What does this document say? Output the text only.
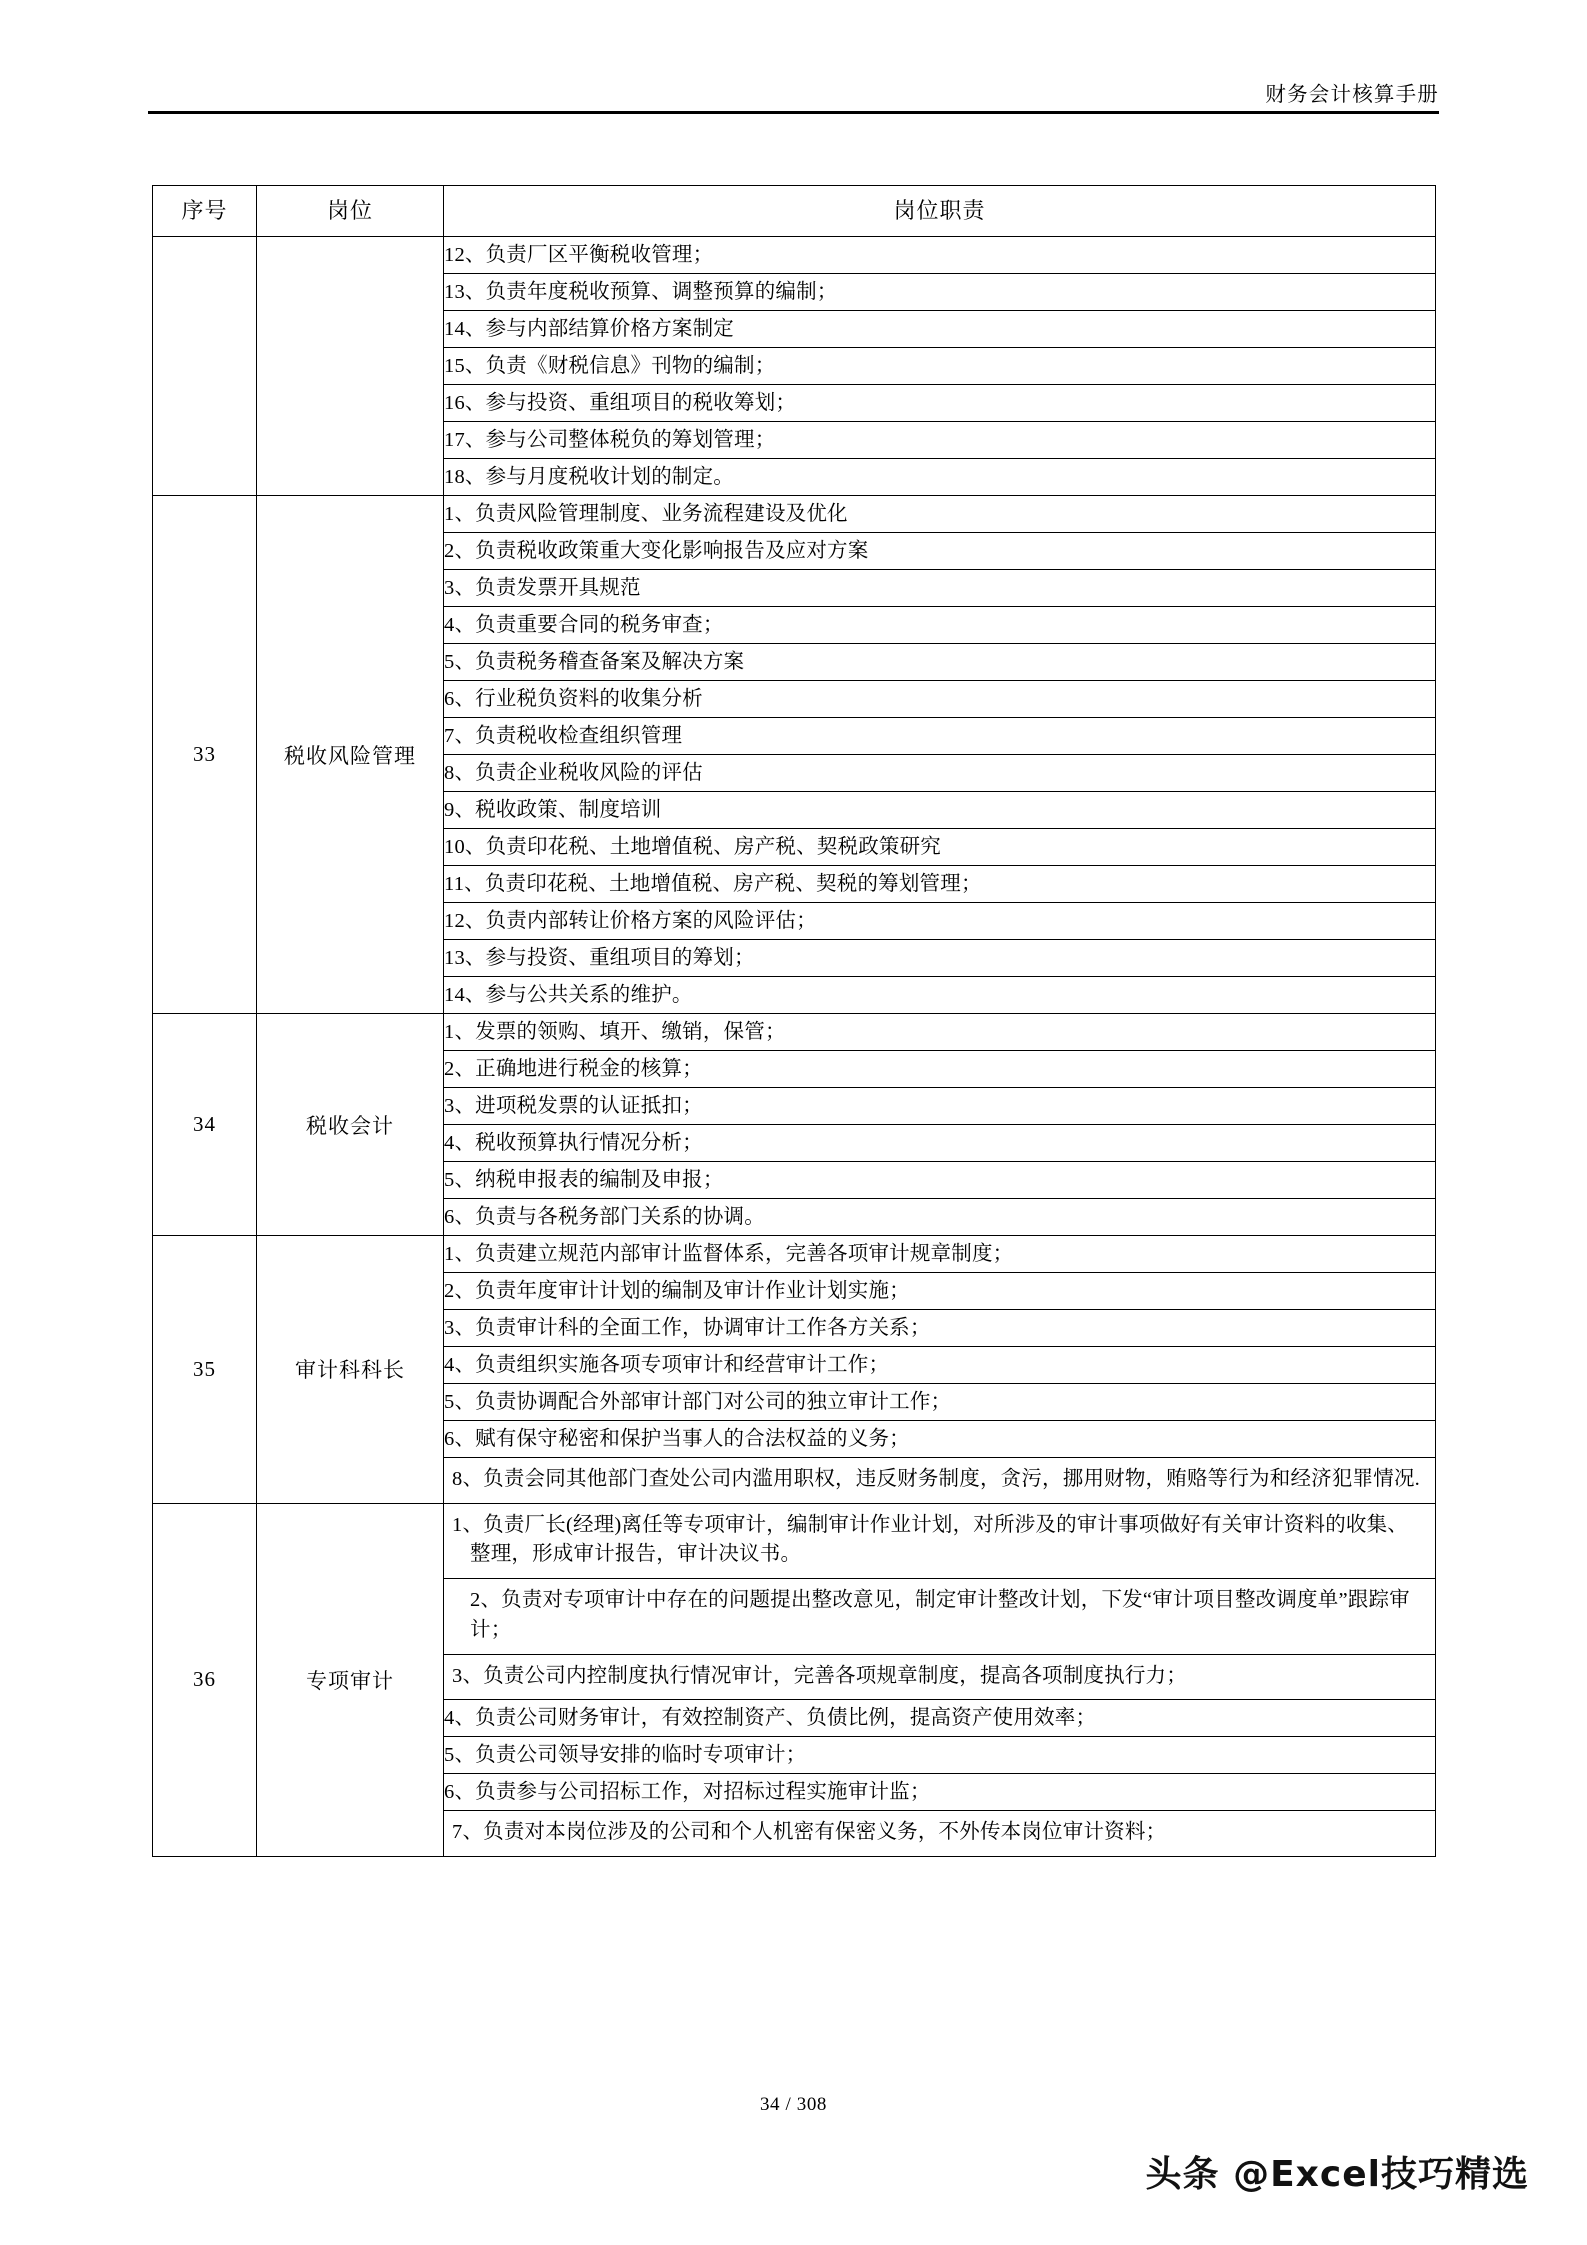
财务会计核算手册
序号	岗位	岗位职责
		12、负责厂区平衡税收管理；
		13、负责年度税收预算、调整预算的编制；
		14、参与内部结算价格方案制定
		15、负责《财税信息》刊物的编制；
		16、参与投资、重组项目的税收筹划；
		17、参与公司整体税负的筹划管理；
		18、参与月度税收计划的制定。
33	税收风险管理	1、负责风险管理制度、业务流程建设及优化
		2、负责税收政策重大变化影响报告及应对方案
		3、负责发票开具规范
		4、负责重要合同的税务审查；
		5、负责税务稽查备案及解决方案
		6、行业税负资料的收集分析
		7、负责税收检查组织管理
		8、负责企业税收风险的评估
		9、税收政策、制度培训
		10、负责印花税、土地增值税、房产税、契税政策研究
		11、负责印花税、土地增值税、房产税、契税的筹划管理；
		12、负责内部转让价格方案的风险评估；
		13、参与投资、重组项目的筹划；
		14、参与公共关系的维护。
34	税收会计	1、发票的领购、填开、缴销，保管；
		2、正确地进行税金的核算；
		3、进项税发票的认证抵扣；
		4、税收预算执行情况分析；
		5、纳税申报表的编制及申报；
		6、负责与各税务部门关系的协调。
35	审计科科长	1、负责建立规范内部审计监督体系，完善各项审计规章制度；
		2、负责年度审计计划的编制及审计作业计划实施；
		3、负责审计科的全面工作，协调审计工作各方关系；
		4、负责组织实施各项专项审计和经营审计工作；
		5、负责协调配合外部审计部门对公司的独立审计工作；
		6、赋有保守秘密和保护当事人的合法权益的义务；
		8、负责会同其他部门查处公司内滥用职权，违反财务制度，贪污，挪用财物，贿赂等行为和经济犯罪情况.
36	专项审计	1、负责厂长(经理)离任等专项审计，编制审计作业计划，对所涉及的审计事项做好有关审计资料的收集、整理，形成审计报告，审计决议书。
		2、负责对专项审计中存在的问题提出整改意见，制定审计整改计划，下发“审计项目整改调度单”跟踪审计；
		3、负责公司内控制度执行情况审计，完善各项规章制度，提高各项制度执行力；
		4、负责公司财务审计，有效控制资产、负债比例，提高资产使用效率；
		5、负责公司领导安排的临时专项审计；
		6、负责参与公司招标工作，对招标过程实施审计监；
		7、负责对本岗位涉及的公司和个人机密有保密义务，不外传本岗位审计资料；
34 / 308
头条 @Excel技巧精选
